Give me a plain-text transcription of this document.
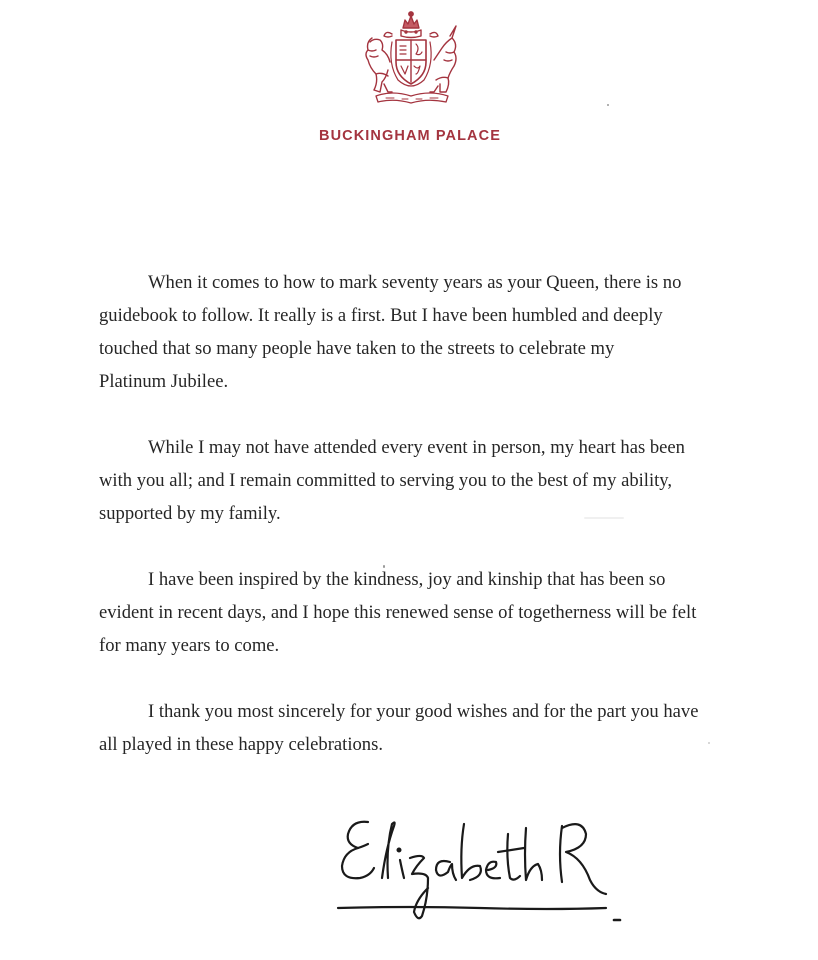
BUCKINGHAM PALACE

When it comes to how to mark seventy years as your Queen, there is no
guidebook to follow. It really is a first. But I have been humbled and deeply
touched that so many people have taken to the streets to celebrate my
Platinum Jubilee.

While I may not have attended every event in person, my heart has been
with you all; and I remain committed to serving you to the best of my ability,
supported by my family.

I have been inspired by the kindness, joy and kinship that has been so
evident in recent days, and I hope this renewed sense of togetherness will be felt
for many years to come.

I thank you most sincerely for your good wishes and for the part you have
all played in these happy celebrations.
